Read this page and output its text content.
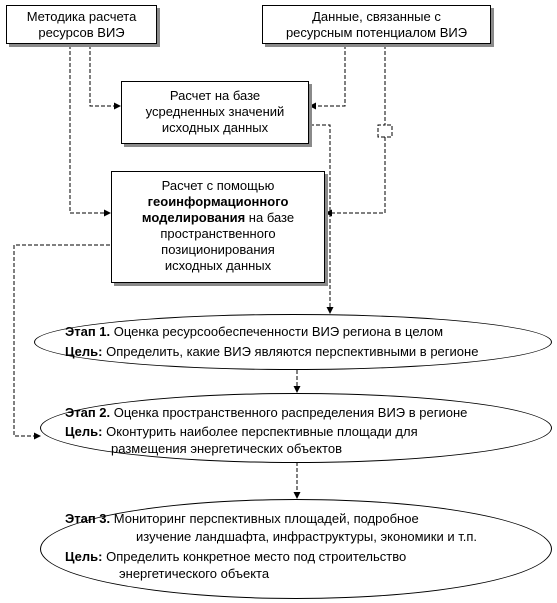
Методика расчета
ресурсов ВИЭ
Данные, связанные с
ресурсным потенциалом ВИЭ
Расчет на базе
усредненных значений
исходных данных
Расчет с помощью
геоинформационного
моделирования на базе
пространственного
позиционирования
исходных данных
Этап 1. Оценка ресурсообеспеченности ВИЭ региона в целом
Цель: Определить, какие ВИЭ являются перспективными в регионе
Этап 2. Оценка пространственного распределения ВИЭ в регионе
Цель: Оконтурить наиболее перспективные площади для
размещения энергетических объектов
Этап 3. Мониторинг перспективных площадей, подробное
изучение ландшафта, инфраструктуры, экономики и т.п.
Цель: Определить конкретное место под строительство
энергетического объекта
